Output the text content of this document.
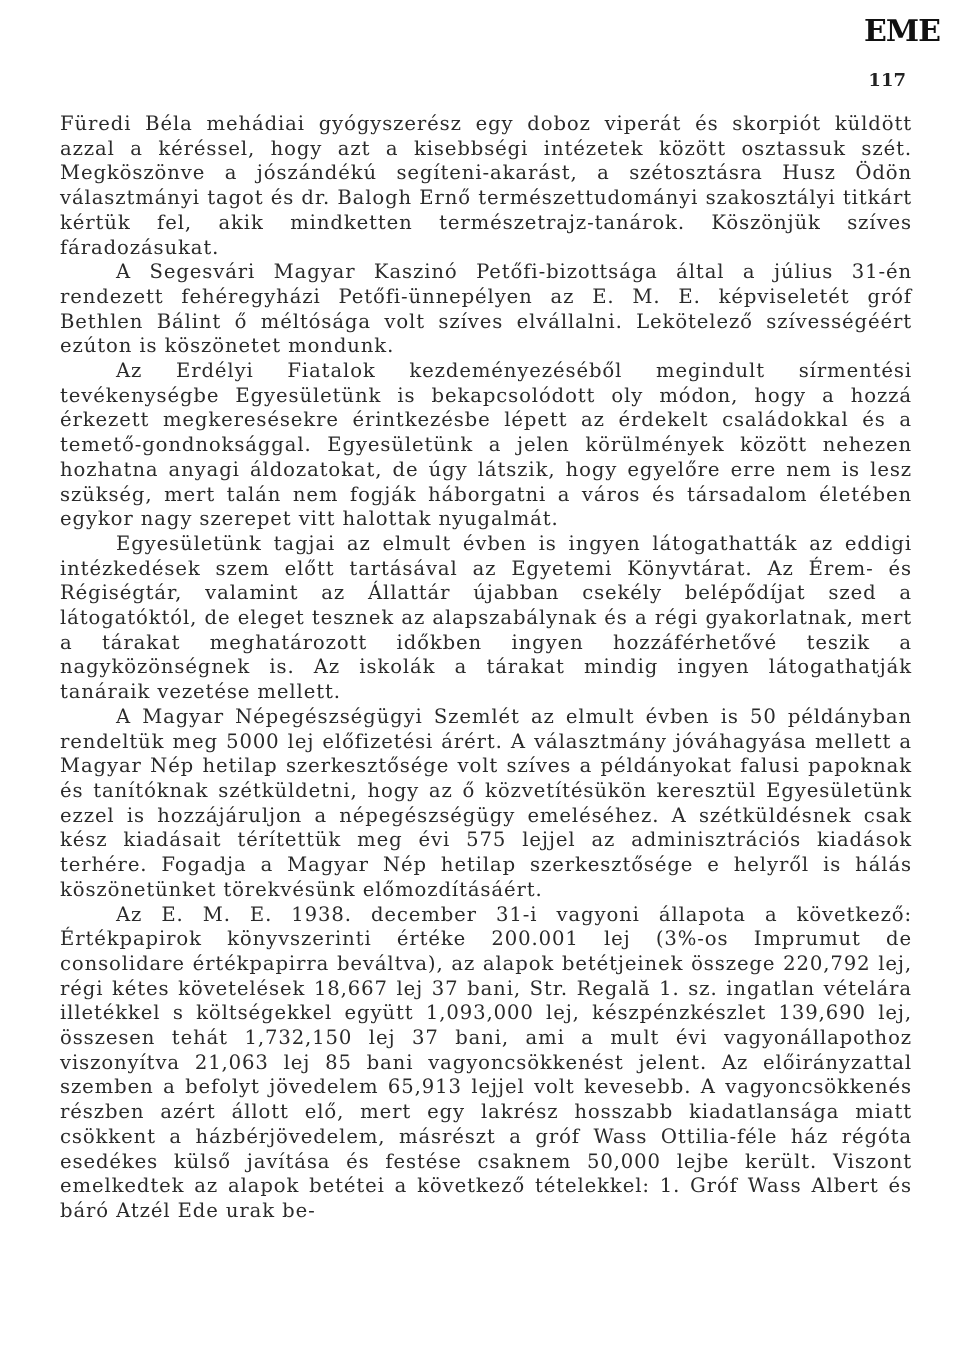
EME
117

Füredi Béla mehádiai gyógyszerész egy doboz viperát és skorpiót küldött azzal a kéréssel, hogy azt a kisebbségi intézetek között osztassuk szét. Megköszönve a jószándékú segíteni-akarást, a szétosztásra Husz Ödön választmányi tagot és dr. Balogh Ernő természettudományi szakosztályi titkárt kértük fel, akik mindketten természetrajz-tanárok. Köszönjük szíves fáradozásukat.

A Segesvári Magyar Kaszinó Petőfi-bizottsága által a július 31-én rendezett fehéregyházi Petőfi-ünnepélyen az E. M. E. képviseletét gróf Bethlen Bálint ő méltósága volt szíves elvállalni. Lekötelező szívességéért ezúton is köszönetet mondunk.

Az Erdélyi Fiatalok kezdeményezéséből megindult sírmentési tevékenységbe Egyesületünk is bekapcsolódott oly módon, hogy a hozzá érkezett megkeresésekre érintkezésbe lépett az érdekelt családokkal és a temető-gondnoksággal. Egyesületünk a jelen körülmények között nehezen hozhatna anyagi áldozatokat, de úgy látszik, hogy egyelőre erre nem is lesz szükség, mert talán nem fogják háborgatni a város és társadalom életében egykor nagy szerepet vitt halottak nyugalmát.

Egyesületünk tagjai az elmult évben is ingyen látogathatták az eddigi intézkedések szem előtt tartásával az Egyetemi Könyvtárat. Az Érem- és Régiségtár, valamint az Állattár újabban csekély belépődíjat szed a látogatóktól, de eleget tesznek az alapszabálynak és a régi gyakorlatnak, mert a tárakat meghatározott időkben ingyen hozzáférhetővé teszik a nagyközönségnek is. Az iskolák a tárakat mindig ingyen látogathatják tanáraik vezetése mellett.

A Magyar Népegészségügyi Szemlét az elmult évben is 50 példányban rendeltük meg 5000 lej előfizetési árért. A választmány jóváhagyása mellett a Magyar Nép hetilap szerkesztősége volt szíves a példányokat falusi papoknak és tanítóknak szétküldetni, hogy az ő közvetítésükön keresztül Egyesületünk ezzel is hozzájáruljon a népegészségügy emeléséhez. A szétküldésnek csak kész kiadásait térítettük meg évi 575 lejjel az adminisztrációs kiadások terhére. Fogadja a Magyar Nép hetilap szerkesztősége e helyről is hálás köszönetünket törekvésünk előmozdításáért.

Az E. M. E. 1938. december 31-i vagyoni állapota a következő: Értékpapirok könyvszerinti értéke 200.001 lej (3%-os Imprumut de consolidare értékpapirra beváltva), az alapok betétjeinek összege 220,792 lej, régi kétes követelések 18,667 lej 37 bani, Str. Regală 1. sz. ingatlan vételára illetékkel s költségekkel együtt 1,093,000 lej, készpénzkészlet 139,690 lej, összesen tehát 1,732,150 lej 37 bani, ami a mult évi vagyonállapothoz viszonyítva 21,063 lej 85 bani vagyoncsökkenést jelent. Az előirányzattal szemben a befolyt jövedelem 65,913 lejjel volt kevesebb. A vagyoncsökkenés részben azért állott elő, mert egy lakrész hosszabb kiadatlansága miatt csökkent a házbérjövedelem, másrészt a gróf Wass Ottilia-féle ház régóta esedékes külső javítása és festése csaknem 50,000 lejbe került. Viszont emelkedtek az alapok betétei a következő tételekkel: 1. Gróf Wass Albert és báró Atzél Ede urak be-
